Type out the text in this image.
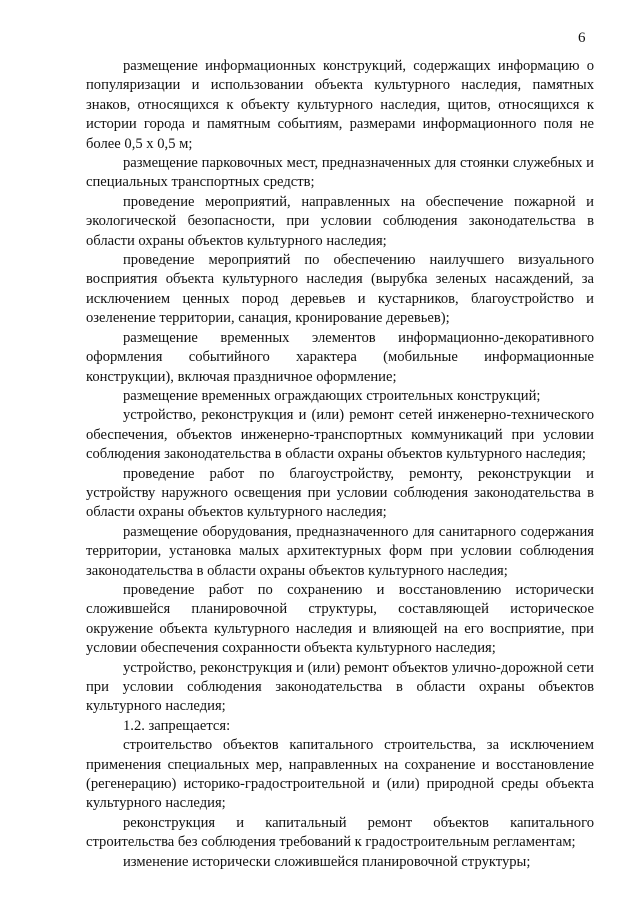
6

размещение информационных конструкций, содержащих информацию о популяризации и использовании объекта культурного наследия, памятных знаков, относящихся к объекту культурного наследия, щитов, относящихся к истории города и памятным событиям, размерами информационного поля не более 0,5 х 0,5 м;

размещение парковочных мест, предназначенных для стоянки служебных и специальных транспортных средств;

проведение мероприятий, направленных на обеспечение пожарной и экологической безопасности, при условии соблюдения законодательства в области охраны объектов культурного наследия;

проведение мероприятий по обеспечению наилучшего визуального восприятия объекта культурного наследия (вырубка зеленых насаждений, за исключением ценных пород деревьев и кустарников, благоустройство и озеленение территории, санация, кронирование деревьев);

размещение временных элементов информационно-декоративного оформления событийного характера (мобильные информационные конструкции), включая праздничное оформление;

размещение временных ограждающих строительных конструкций;

устройство, реконструкция и (или) ремонт сетей инженерно-технического обеспечения, объектов инженерно-транспортных коммуникаций при условии соблюдения законодательства в области охраны объектов культурного наследия;

проведение работ по благоустройству, ремонту, реконструкции и устройству наружного освещения при условии соблюдения законодательства в области охраны объектов культурного наследия;

размещение оборудования, предназначенного для санитарного содержания территории, установка малых архитектурных форм при условии соблюдения законодательства в области охраны объектов культурного наследия;

проведение работ по сохранению и восстановлению исторически сложившейся планировочной структуры, составляющей историческое окружение объекта культурного наследия и влияющей на его восприятие, при условии обеспечения сохранности объекта культурного наследия;

устройство, реконструкция и (или) ремонт объектов улично-дорожной сети при условии соблюдения законодательства в области охраны объектов культурного наследия;

1.2. запрещается:

строительство объектов капитального строительства, за исключением применения специальных мер, направленных на сохранение и восстановление (регенерацию) историко-градостроительной и (или) природной среды объекта культурного наследия;

реконструкция и капитальный ремонт объектов капитального строительства без соблюдения требований к градостроительным регламентам;

изменение исторически сложившейся планировочной структуры;
